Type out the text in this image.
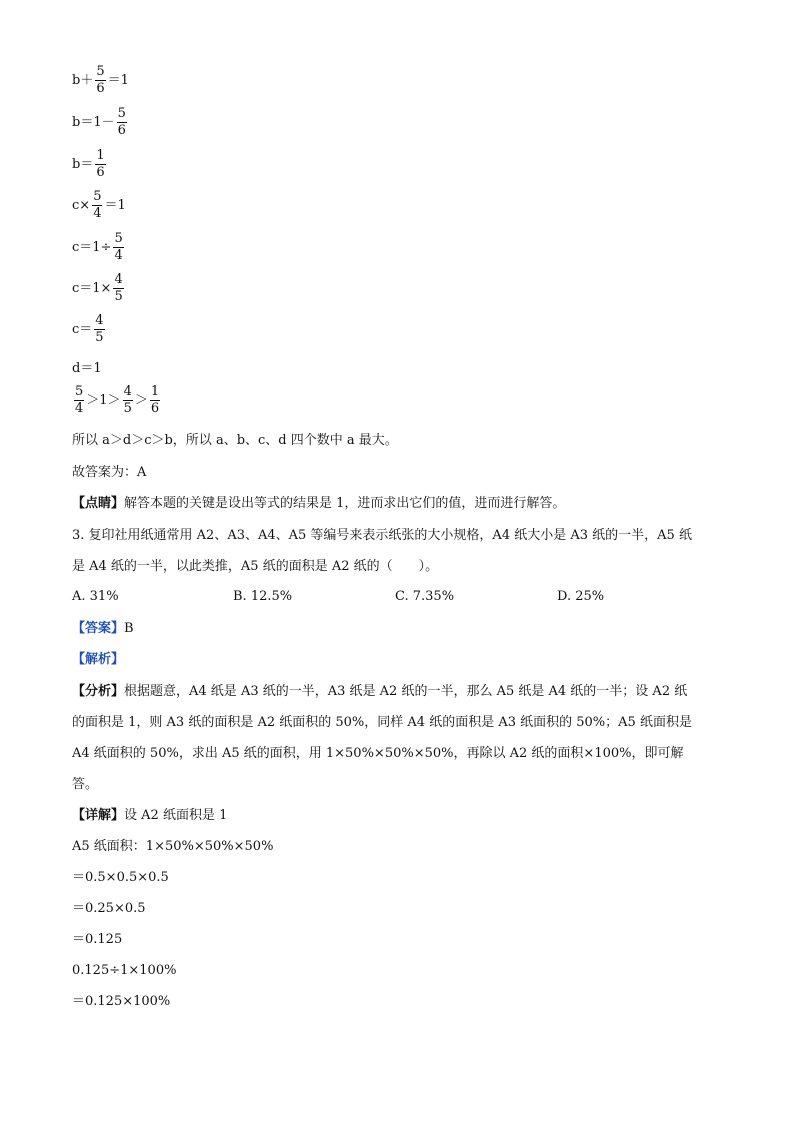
$b+ \frac{5}{6} =1$
$b=1- \frac{5}{6}$
$b= \frac{1}{6}$
$c\times \frac{5}{4} =1$
$c=1\div \frac{5}{4}$
$c=1\times \frac{4}{5}$
$c= \frac{4}{5}$
d＝1
$\frac{5}{4} >1> \frac{4}{5} > \frac{1}{6}$
所以 a＞d＞c＞b，所以 a、b、c、d 四个数中 a 最大。
故答案为：A
【点睛】解答本题的关键是设出等式的结果是 1，进而求出它们的值，进而进行解答。
3. 复印社用纸通常用 A2、A3、A4、A5 等编号来表示纸张的大小规格，A4 纸大小是 A3 纸的一半，A5 纸
是 A4 纸的一半，以此类推，A5 纸的面积是 A2 纸的（　　）。
A. 31%	B. 12.5%	C. 7.35%	D. 25%
【答案】B
【解析】
【分析】根据题意，A4 纸是 A3 纸的一半，A3 纸是 A2 纸的一半，那么 A5 纸是 A4 纸的一半；设 A2 纸
的面积是 1，则 A3 纸的面积是 A2 纸面积的 50%，同样 A4 纸的面积是 A3 纸面积的 50%；A5 纸面积是
A4 纸面积的 50%，求出 A5 纸的面积，用 1×50%×50%×50%，再除以 A2 纸的面积×100%，即可解
答。
【详解】设 A2 纸面积是 1
A5 纸面积：1×50%×50%×50%
＝0.5×0.5×0.5
＝0.25×0.5
＝0.125
0.125÷1×100%
＝0.125×100%
